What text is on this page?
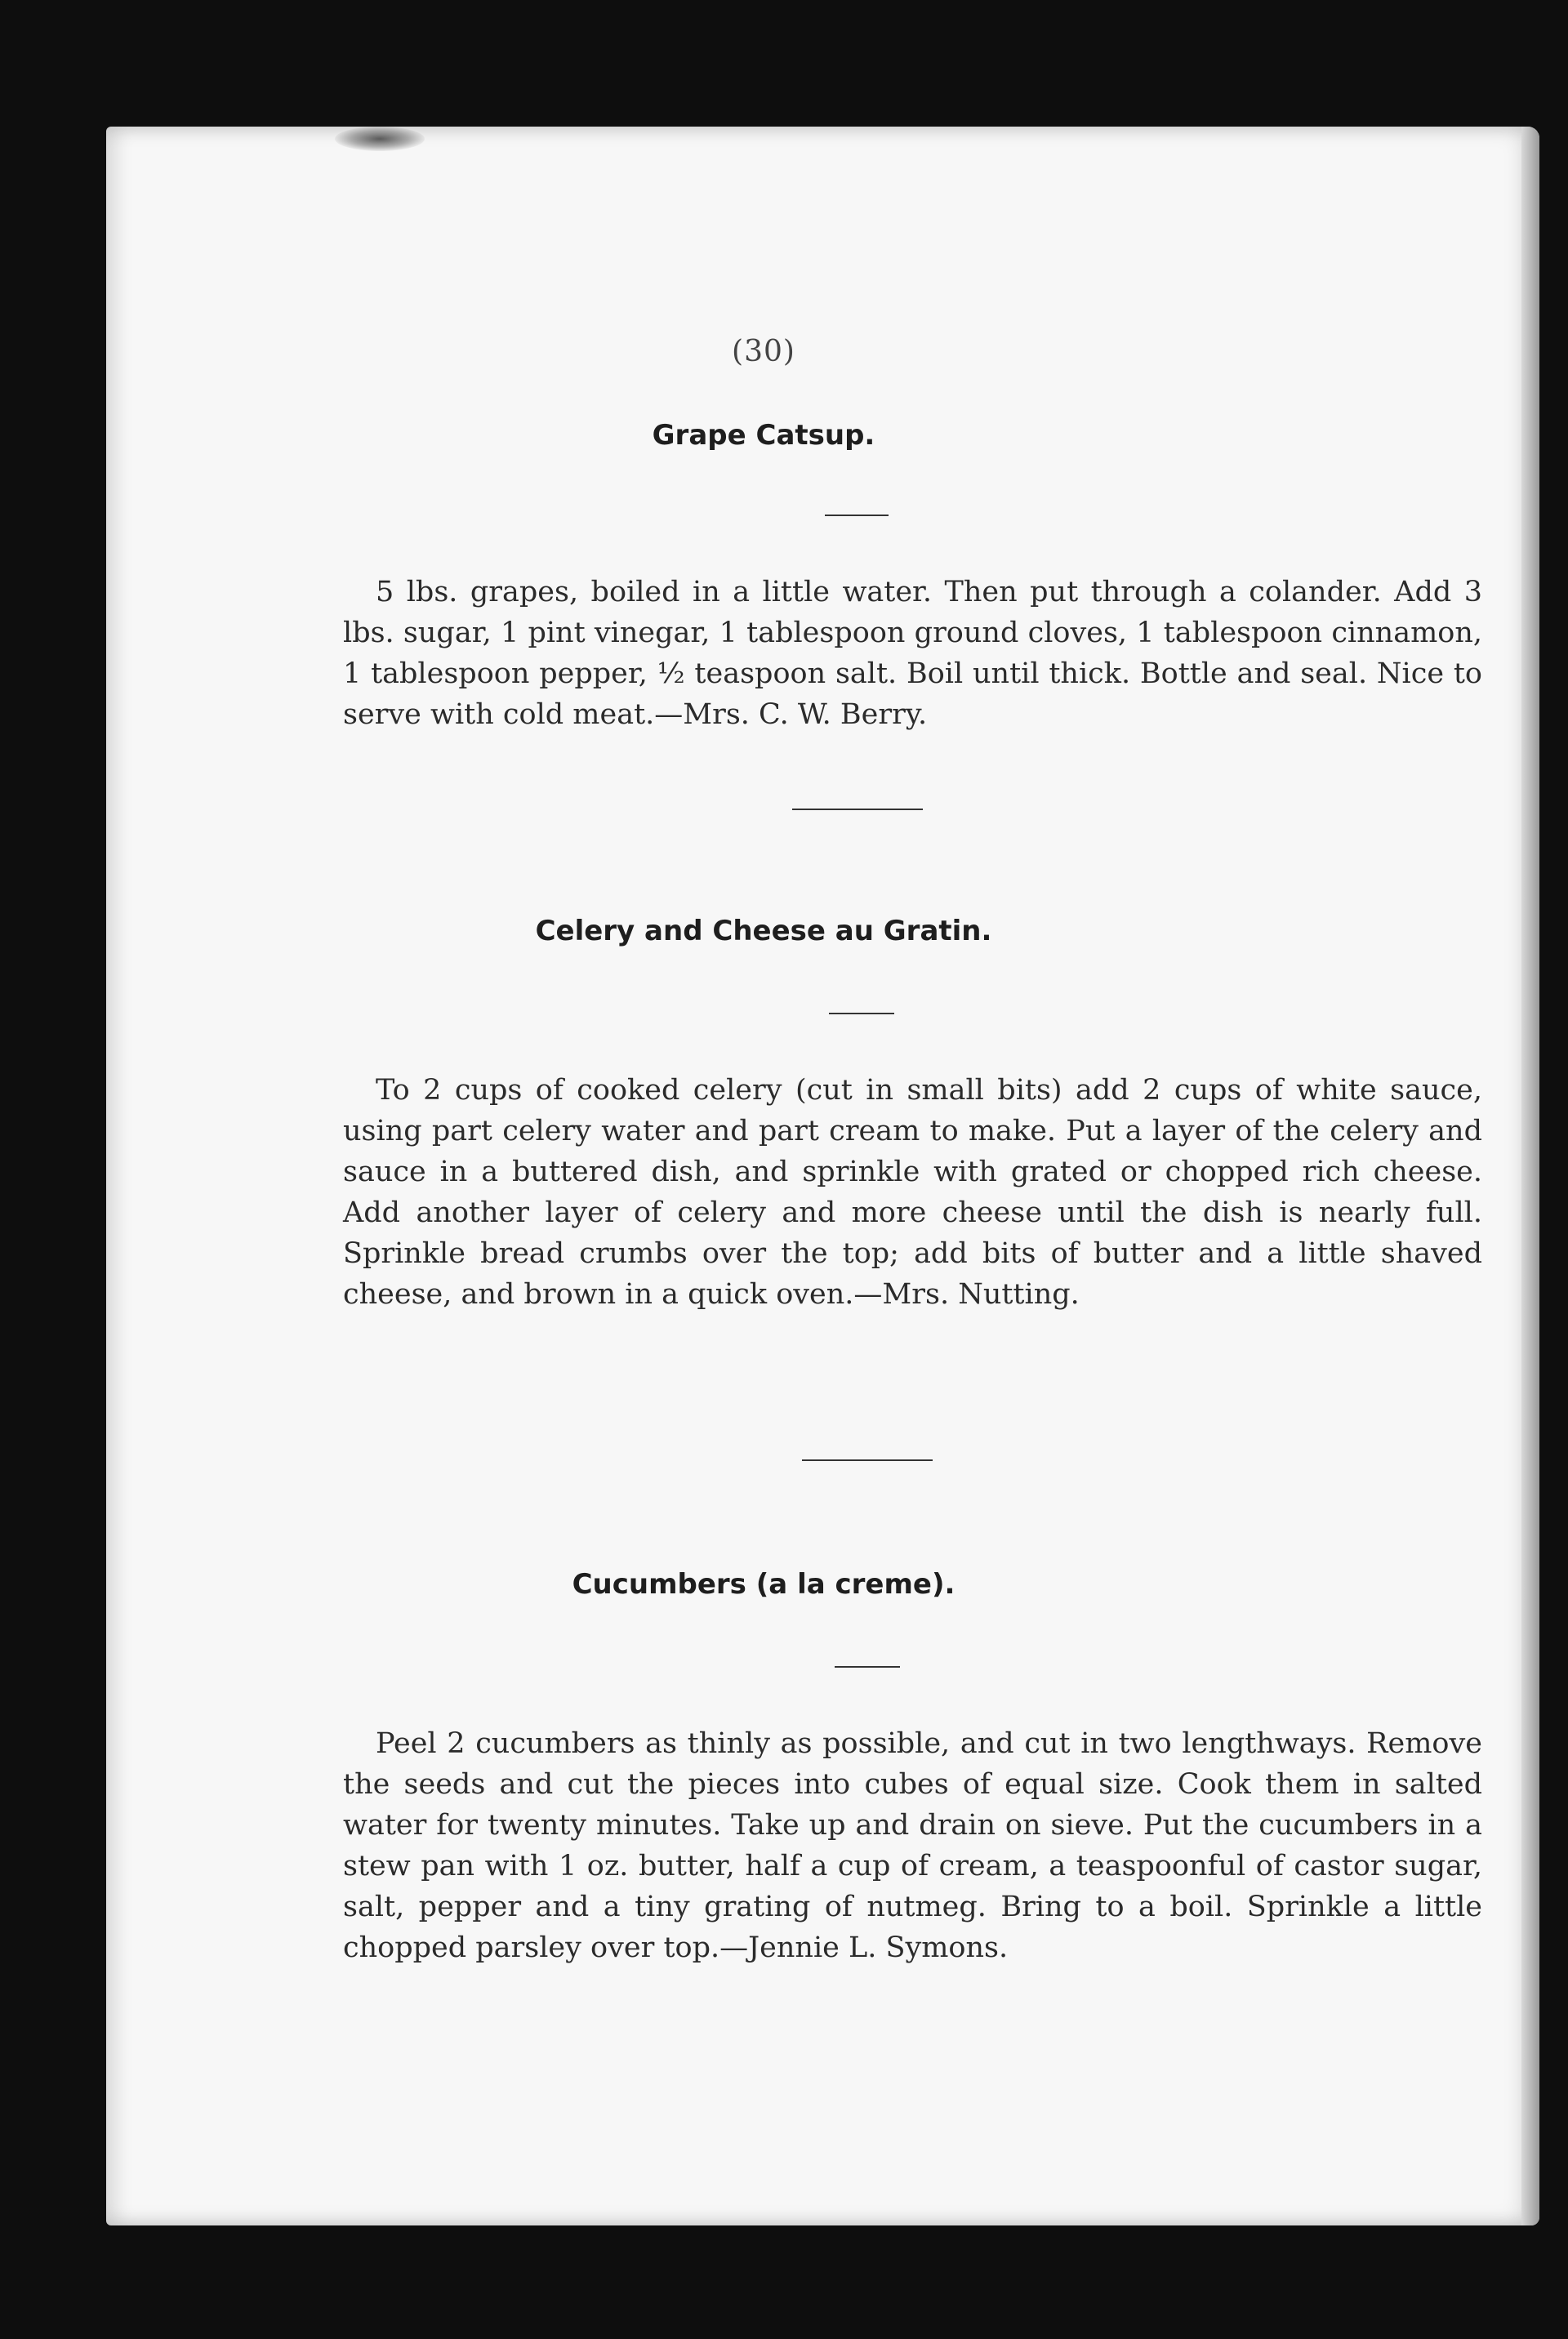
(30)
Grape Catsup.
5 lbs. grapes, boiled in a little water. Then put through a colander. Add 3 lbs. sugar, 1 pint vinegar, 1 tablespoon ground cloves, 1 tablespoon cinnamon, 1 tablespoon pepper, ½ teaspoon salt. Boil until thick. Bottle and seal. Nice to serve with cold meat.—Mrs. C. W. Berry.
Celery and Cheese au Gratin.
To 2 cups of cooked celery (cut in small bits) add 2 cups of white sauce, using part celery water and part cream to make. Put a layer of the celery and sauce in a buttered dish, and sprinkle with grated or chopped rich cheese. Add another layer of celery and more cheese until the dish is nearly full. Sprinkle bread crumbs over the top; add bits of butter and a little shaved cheese, and brown in a quick oven.—Mrs. Nutting.
Cucumbers (a la creme).
Peel 2 cucumbers as thinly as possible, and cut in two lengthways. Remove the seeds and cut the pieces into cubes of equal size. Cook them in salted water for twenty minutes. Take up and drain on sieve. Put the cucumbers in a stew pan with 1 oz. butter, half a cup of cream, a teaspoonful of castor sugar, salt, pepper and a tiny grating of nutmeg. Bring to a boil. Sprinkle a little chopped parsley over top.—Jennie L. Symons.
